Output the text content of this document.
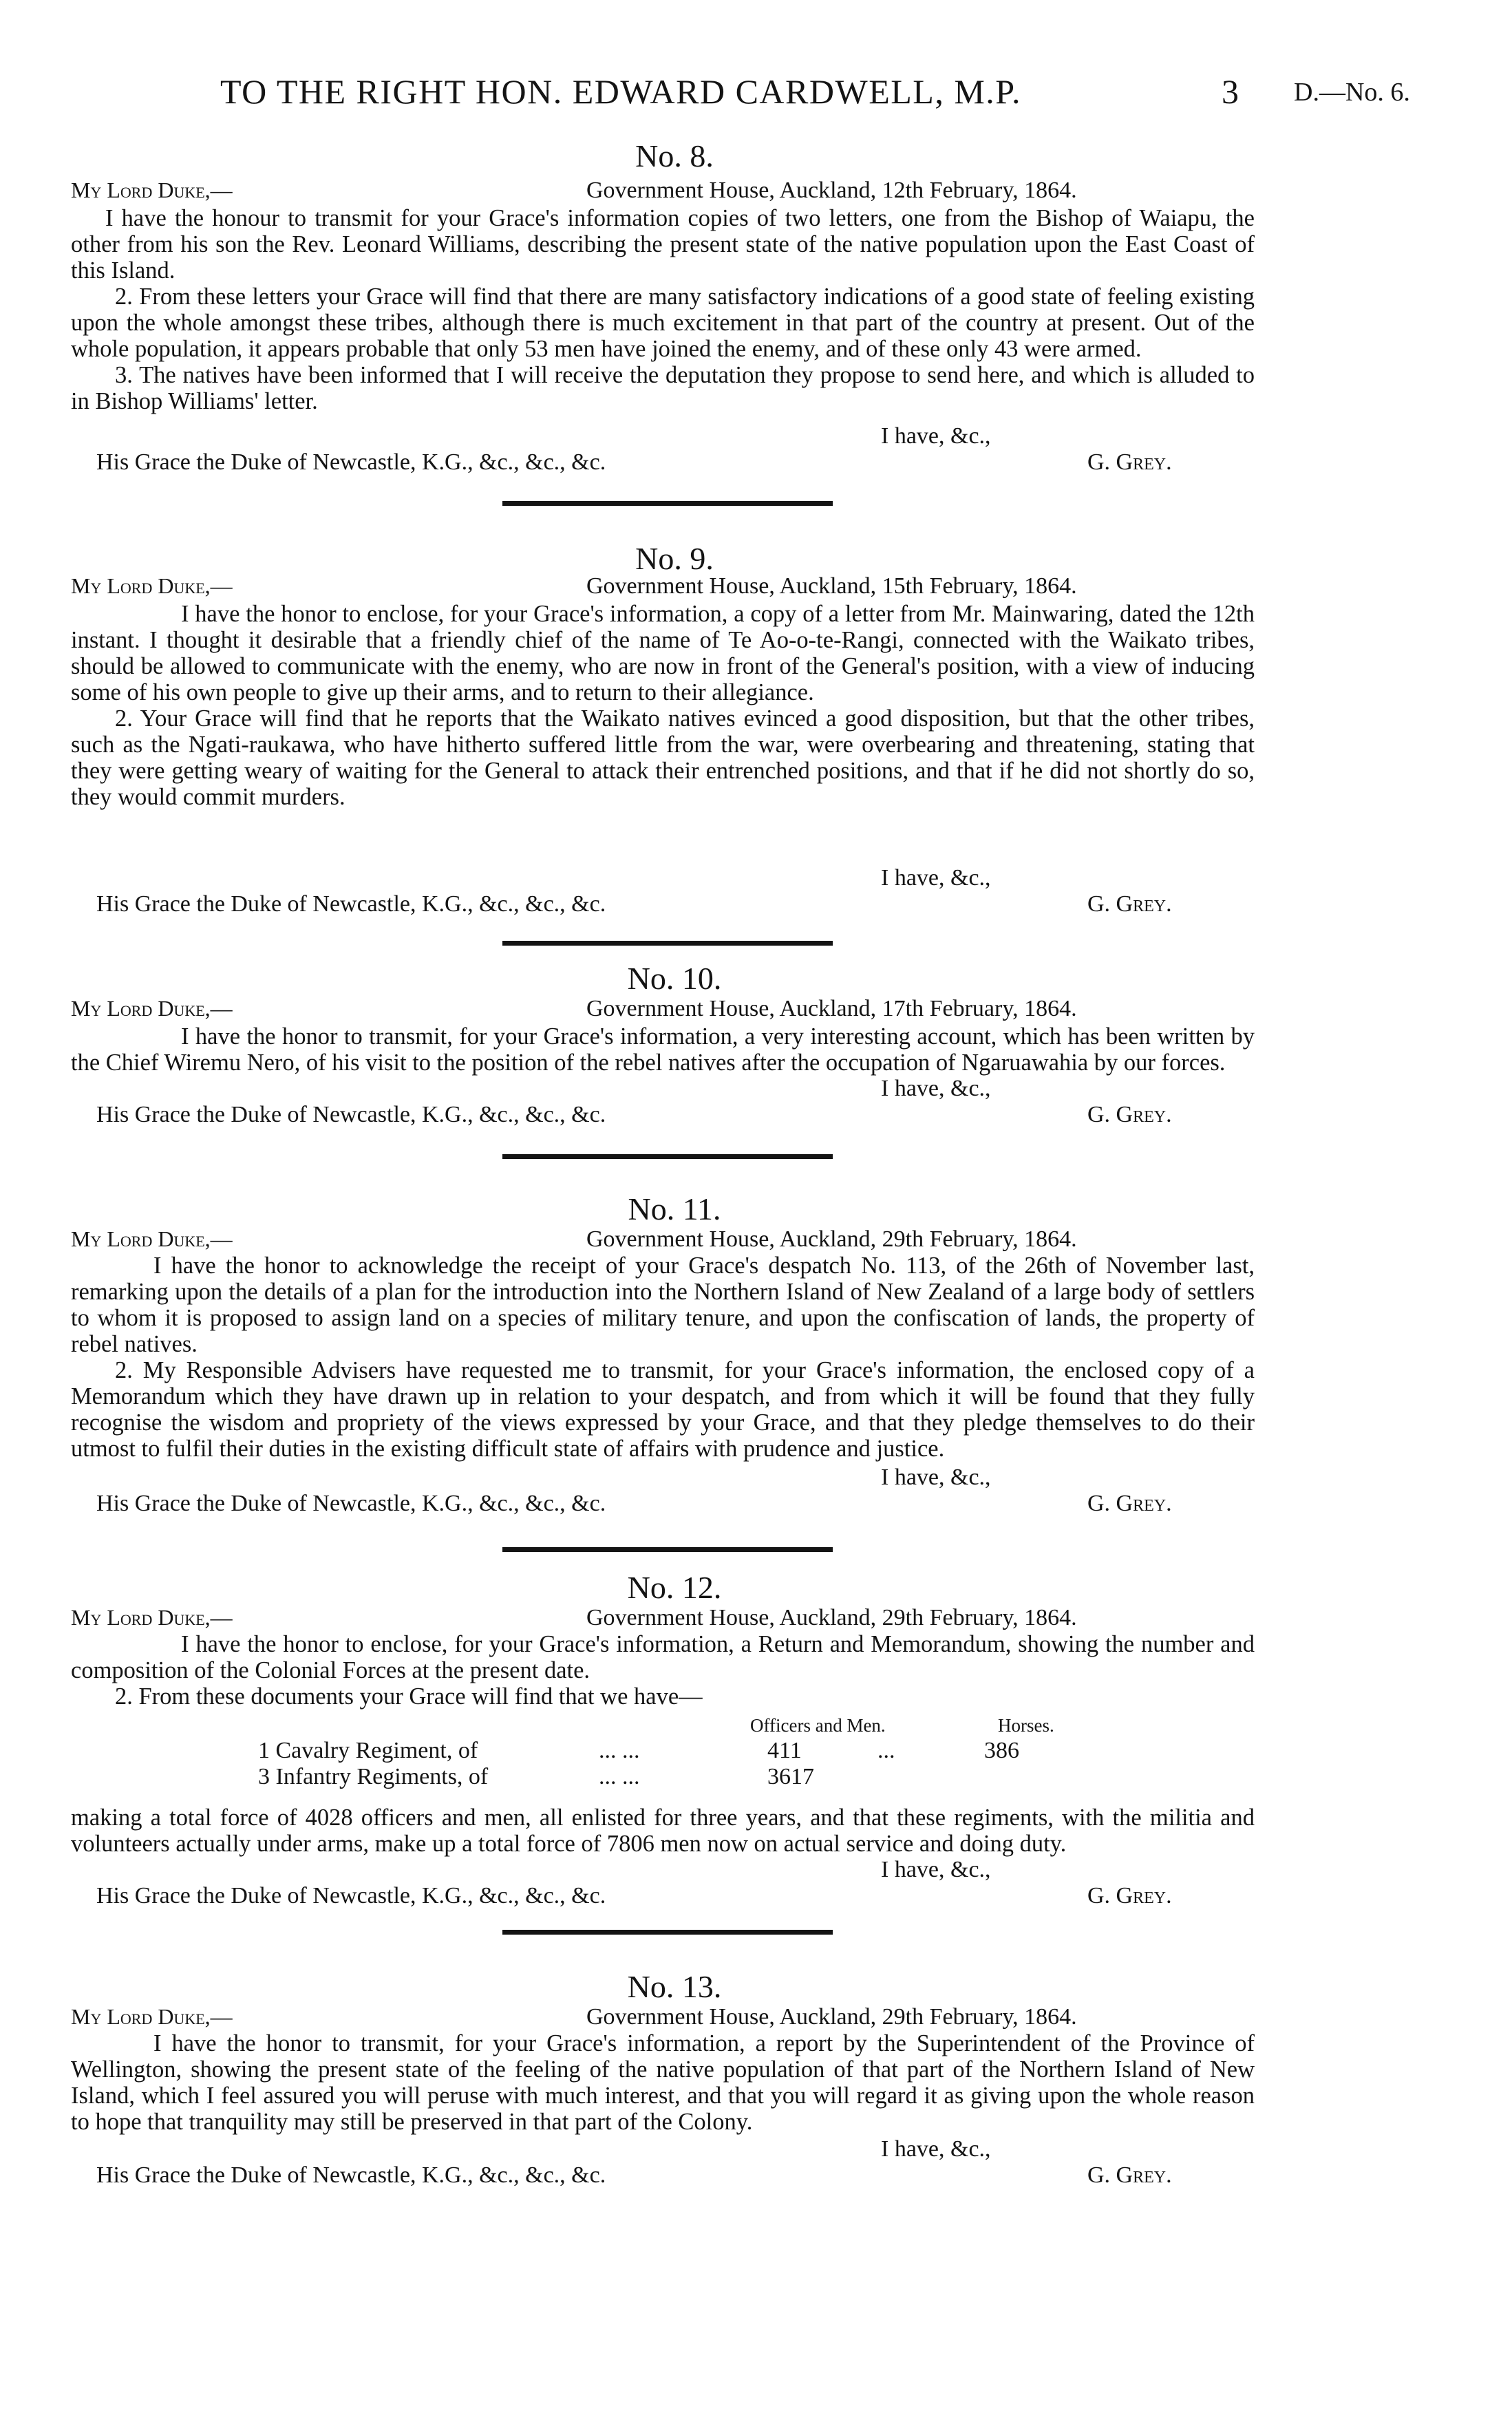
TO THE RIGHT HON. EDWARD CARDWELL, M.P.	3 D.—No. 6.
No. 8.
My Lord Duke,—	Government House, Auckland, 12th February, 1864.

I have the honour to transmit for your Grace's information copies of two letters, one from the Bishop of Waiapu, the other from his son the Rev. Leonard Williams, describing the present state of the native population upon the East Coast of this Island.

2. From these letters your Grace will find that there are many satisfactory indications of a good state of feeling existing upon the whole amongst these tribes, although there is much excitement in that part of the country at present. Out of the whole population, it appears probable that only 53 men have joined the enemy, and of these only 43 were armed.

3. The natives have been informed that I will receive the deputation they propose to send here, and which is alluded to in Bishop Williams' letter.

I have, &c.,
His Grace the Duke of Newcastle, K.G., &c., &c., &c.	G. Grey.
No. 9.
My Lord Duke,—	Government House, Auckland, 15th February, 1864.

I have the honor to enclose, for your Grace's information, a copy of a letter from Mr. Mainwaring, dated the 12th instant. I thought it desirable that a friendly chief of the name of Te Ao-o-te-Rangi, connected with the Waikato tribes, should be allowed to communicate with the enemy, who are now in front of the General's position, with a view of inducing some of his own people to give up their arms, and to return to their allegiance.

2. Your Grace will find that he reports that the Waikato natives evinced a good disposition, but that the other tribes, such as the Ngati-raukawa, who have hitherto suffered little from the war, were overbearing and threatening, stating that they were getting weary of waiting for the General to attack their entrenched positions, and that if he did not shortly do so, they would commit murders.

I have, &c.,
His Grace the Duke of Newcastle, K.G., &c., &c., &c.	G. Grey.
No. 10.
My Lord Duke,—	Government House, Auckland, 17th February, 1864.

I have the honor to transmit, for your Grace's information, a very interesting account, which has been written by the Chief Wiremu Nero, of his visit to the position of the rebel natives after the occupation of Ngaruawahia by our forces.

I have, &c.,
His Grace the Duke of Newcastle, K.G., &c., &c., &c.	G. Grey.
No. 11.
My Lord Duke,—	Government House, Auckland, 29th February, 1864.

I have the honor to acknowledge the receipt of your Grace's despatch No. 113, of the 26th of November last, remarking upon the details of a plan for the introduction into the Northern Island of New Zealand of a large body of settlers to whom it is proposed to assign land on a species of military tenure, and upon the confiscation of lands, the property of rebel natives.

2. My Responsible Advisers have requested me to transmit, for your Grace's information, the enclosed copy of a Memorandum which they have drawn up in relation to your despatch, and from which it will be found that they fully recognise the wisdom and propriety of the views expressed by your Grace, and that they pledge themselves to do their utmost to fulfil their duties in the existing difficult state of affairs with prudence and justice.

I have, &c.,
His Grace the Duke of Newcastle, K.G., &c., &c., &c.	G. Grey.
No. 12.
My Lord Duke,—	Government House, Auckland, 29th February, 1864.

I have the honor to enclose, for your Grace's information, a Return and Memorandum, showing the number and composition of the Colonial Forces at the present date.

2. From these documents your Grace will find that we have—

Officers and Men.	Horses.
1 Cavalry Regiment, of	... ...	411	...	386
3 Infantry Regiments, of	... ...	3617		

making a total force of 4028 officers and men, all enlisted for three years, and that these regiments, with the militia and volunteers actually under arms, make up a total force of 7806 men now on actual service and doing duty.

I have, &c.,
His Grace the Duke of Newcastle, K.G., &c., &c., &c.	G. Grey.
No. 13.
My Lord Duke,—	Government House, Auckland, 29th February, 1864.

I have the honor to transmit, for your Grace's information, a report by the Superintendent of the Province of Wellington, showing the present state of the feeling of the native population of that part of the Northern Island of New Island, which I feel assured you will peruse with much interest, and that you will regard it as giving upon the whole reason to hope that tranquility may still be preserved in that part of the Colony.

I have, &c.,
His Grace the Duke of Newcastle, K.G., &c., &c., &c.	G. Grey.
